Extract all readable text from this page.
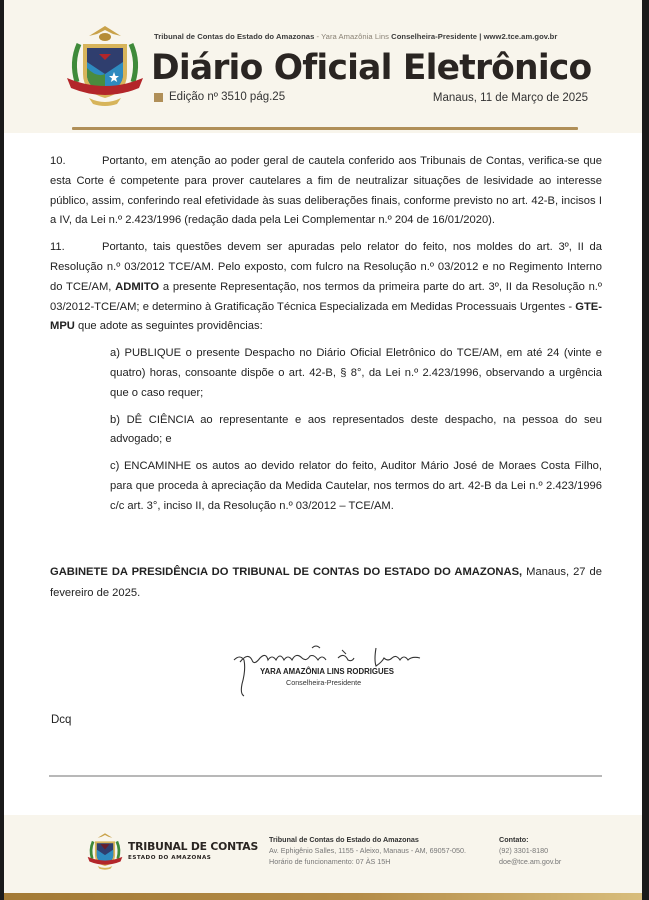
Tribunal de Contas do Estado do Amazonas - Yara Amazônia Lins Conselheira-Presidente | www2.tce.am.gov.br
Diário Oficial Eletrônico
Edição nº 3510 pág.25	Manaus, 11 de Março de 2025

10.	Portanto, em atenção ao poder geral de cautela conferido aos Tribunais de Contas, verifica-se que esta Corte é competente para prover cautelares a fim de neutralizar situações de lesividade ao interesse público, assim, conferindo real efetividade às suas deliberações finais, conforme previsto no art. 42-B, incisos I a IV, da Lei n.º 2.423/1996 (redação dada pela Lei Complementar n.º 204 de 16/01/2020).

11.	Portanto, tais questões devem ser apuradas pelo relator do feito, nos moldes do art. 3º, II da Resolução n.º 03/2012 TCE/AM. Pelo exposto, com fulcro na Resolução n.º 03/2012 e no Regimento Interno do TCE/AM, ADMITO a presente Representação, nos termos da primeira parte do art. 3º, II da Resolução n.º 03/2012-TCE/AM; e determino à Gratificação Técnica Especializada em Medidas Processuais Urgentes - GTE-MPU que adote as seguintes providências:

a) PUBLIQUE o presente Despacho no Diário Oficial Eletrônico do TCE/AM, em até 24 (vinte e quatro) horas, consoante dispõe o art. 42-B, § 8°, da Lei n.º 2.423/1996, observando a urgência que o caso requer;

b) DÊ CIÊNCIA ao representante e aos representados deste despacho, na pessoa do seu advogado; e

c) ENCAMINHE os autos ao devido relator do feito, Auditor Mário José de Moraes Costa Filho, para que proceda à apreciação da Medida Cautelar, nos termos do art. 42-B da Lei n.º 2.423/1996 c/c art. 3°, inciso II, da Resolução n.º 03/2012 – TCE/AM.

GABINETE DA PRESIDÊNCIA DO TRIBUNAL DE CONTAS DO ESTADO DO AMAZONAS, Manaus, 27 de fevereiro de 2025.

YARA AMAZÔNIA LINS RODRIGUES
Conselheira-Presidente
Dcq
TRIBUNAL DE CONTAS
ESTADO DO AMAZONAS
Tribunal de Contas do Estado do Amazonas
Av. Ephigênio Salles, 1155 - Aleixo, Manaus - AM, 69057-050.
Horário de funcionamento: 07 ÀS 15H
Contato:
(92) 3301-8180
doe@tce.am.gov.br
